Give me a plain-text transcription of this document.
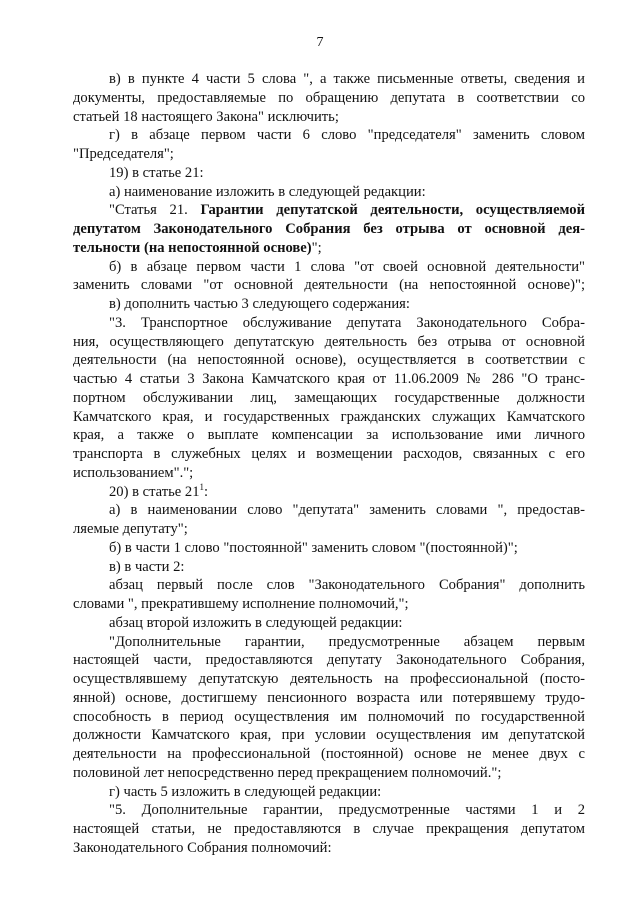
7
в) в пункте 4 части 5 слова ", а также письменные ответы, сведения и
документы, предоставляемые по обращению депутата в соответствии со
статьей 18 настоящего Закона" исключить;
г) в абзаце первом части 6 слово "председателя" заменить словом
"Председателя";
19) в статье 21:
а) наименование изложить в следующей редакции:
"Статья 21. Гарантии депутатской деятельности, осуществляемой
депутатом Законодательного Собрания без отрыва от основной дея-
тельности (на непостоянной основе)";
б) в абзаце первом части 1 слова "от своей основной деятельности"
заменить словами "от основной деятельности (на непостоянной основе)";
в) дополнить частью 3 следующего содержания:
"3. Транспортное обслуживание депутата Законодательного Собра-
ния, осуществляющего депутатскую деятельность без отрыва от основной
деятельности (на непостоянной основе), осуществляется в соответствии с
частью 4 статьи 3 Закона Камчатского края от 11.06.2009 № 286 "О транс-
портном обслуживании лиц, замещающих государственные должности
Камчатского края, и государственных гражданских служащих Камчатского
края, а также о выплате компенсации за использование ими личного
транспорта в служебных целях и возмещении расходов, связанных с его
использованием".";
20) в статье $21^1$:
а) в наименовании слово "депутата" заменить словами ", предостав-
ляемые депутату";
б) в части 1 слово "постоянной" заменить словом "(постоянной)";
в) в части 2:
абзац первый после слов "Законодательного Собрания" дополнить
словами ", прекратившему исполнение полномочий,";
абзац второй изложить в следующей редакции:
"Дополнительные гарантии, предусмотренные абзацем первым
настоящей части, предоставляются депутату Законодательного Собрания,
осуществлявшему депутатскую деятельность на профессиональной (посто-
янной) основе, достигшему пенсионного возраста или потерявшему трудо-
способность в период осуществления им полномочий по государственной
должности Камчатского края, при условии осуществления им депутатской
деятельности на профессиональной (постоянной) основе не менее двух с
половиной лет непосредственно перед прекращением полномочий.";
г) часть 5 изложить в следующей редакции:
"5. Дополнительные гарантии, предусмотренные частями 1 и 2
настоящей статьи, не предоставляются в случае прекращения депутатом
Законодательного Собрания полномочий:
